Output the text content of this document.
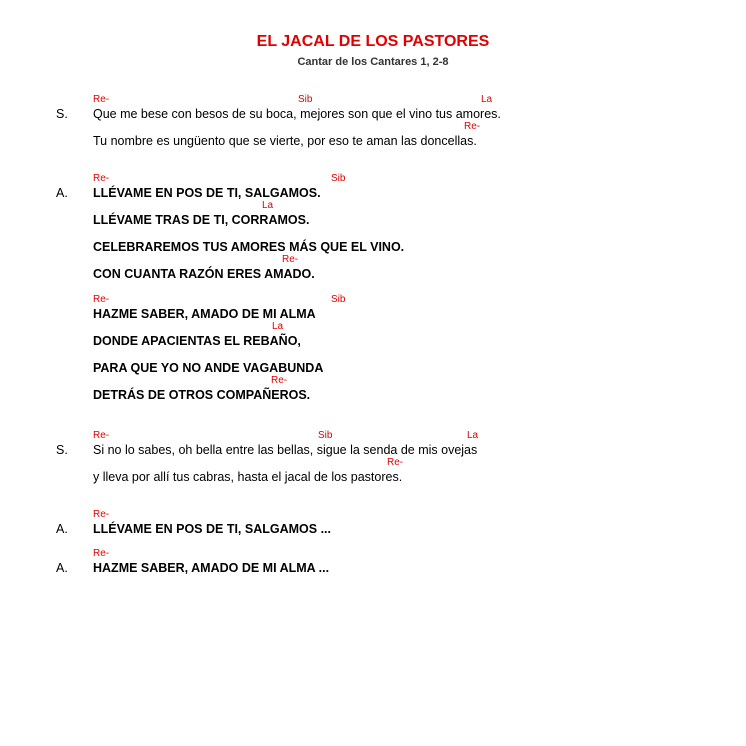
EL JACAL DE LOS PASTORES
Cantar de los Cantares 1, 2-8
Re-	Sib	La
S. Que me bese con besos de su boca, mejores son que el vino tus amores.
Re-
Tu nombre es ungüento que se vierte, por eso te aman las doncellas.
Re-	Sib
A. LLÉVAME EN POS DE TI, SALGAMOS.
La
LLÉVAME TRAS DE TI, CORRAMOS.
CELEBRAREMOS TUS AMORES MÁS QUE EL VINO.
Re-
CON CUANTA RAZÓN ERES AMADO.
Re-	Sib
HAZME SABER, AMADO DE MI ALMA
La
DONDE APACIENTAS EL REBAÑO,
PARA QUE YO NO ANDE VAGABUNDA
Re-
DETRÁS DE OTROS COMPAÑEROS.
Re-	Sib	La
S. Si no lo sabes, oh bella entre las bellas, sigue la senda de mis ovejas
Re-
y lleva por allí tus cabras, hasta el jacal de los pastores.
Re-
A. LLÉVAME EN POS DE TI, SALGAMOS ...
Re-
A. HAZME SABER, AMADO DE MI ALMA ...
